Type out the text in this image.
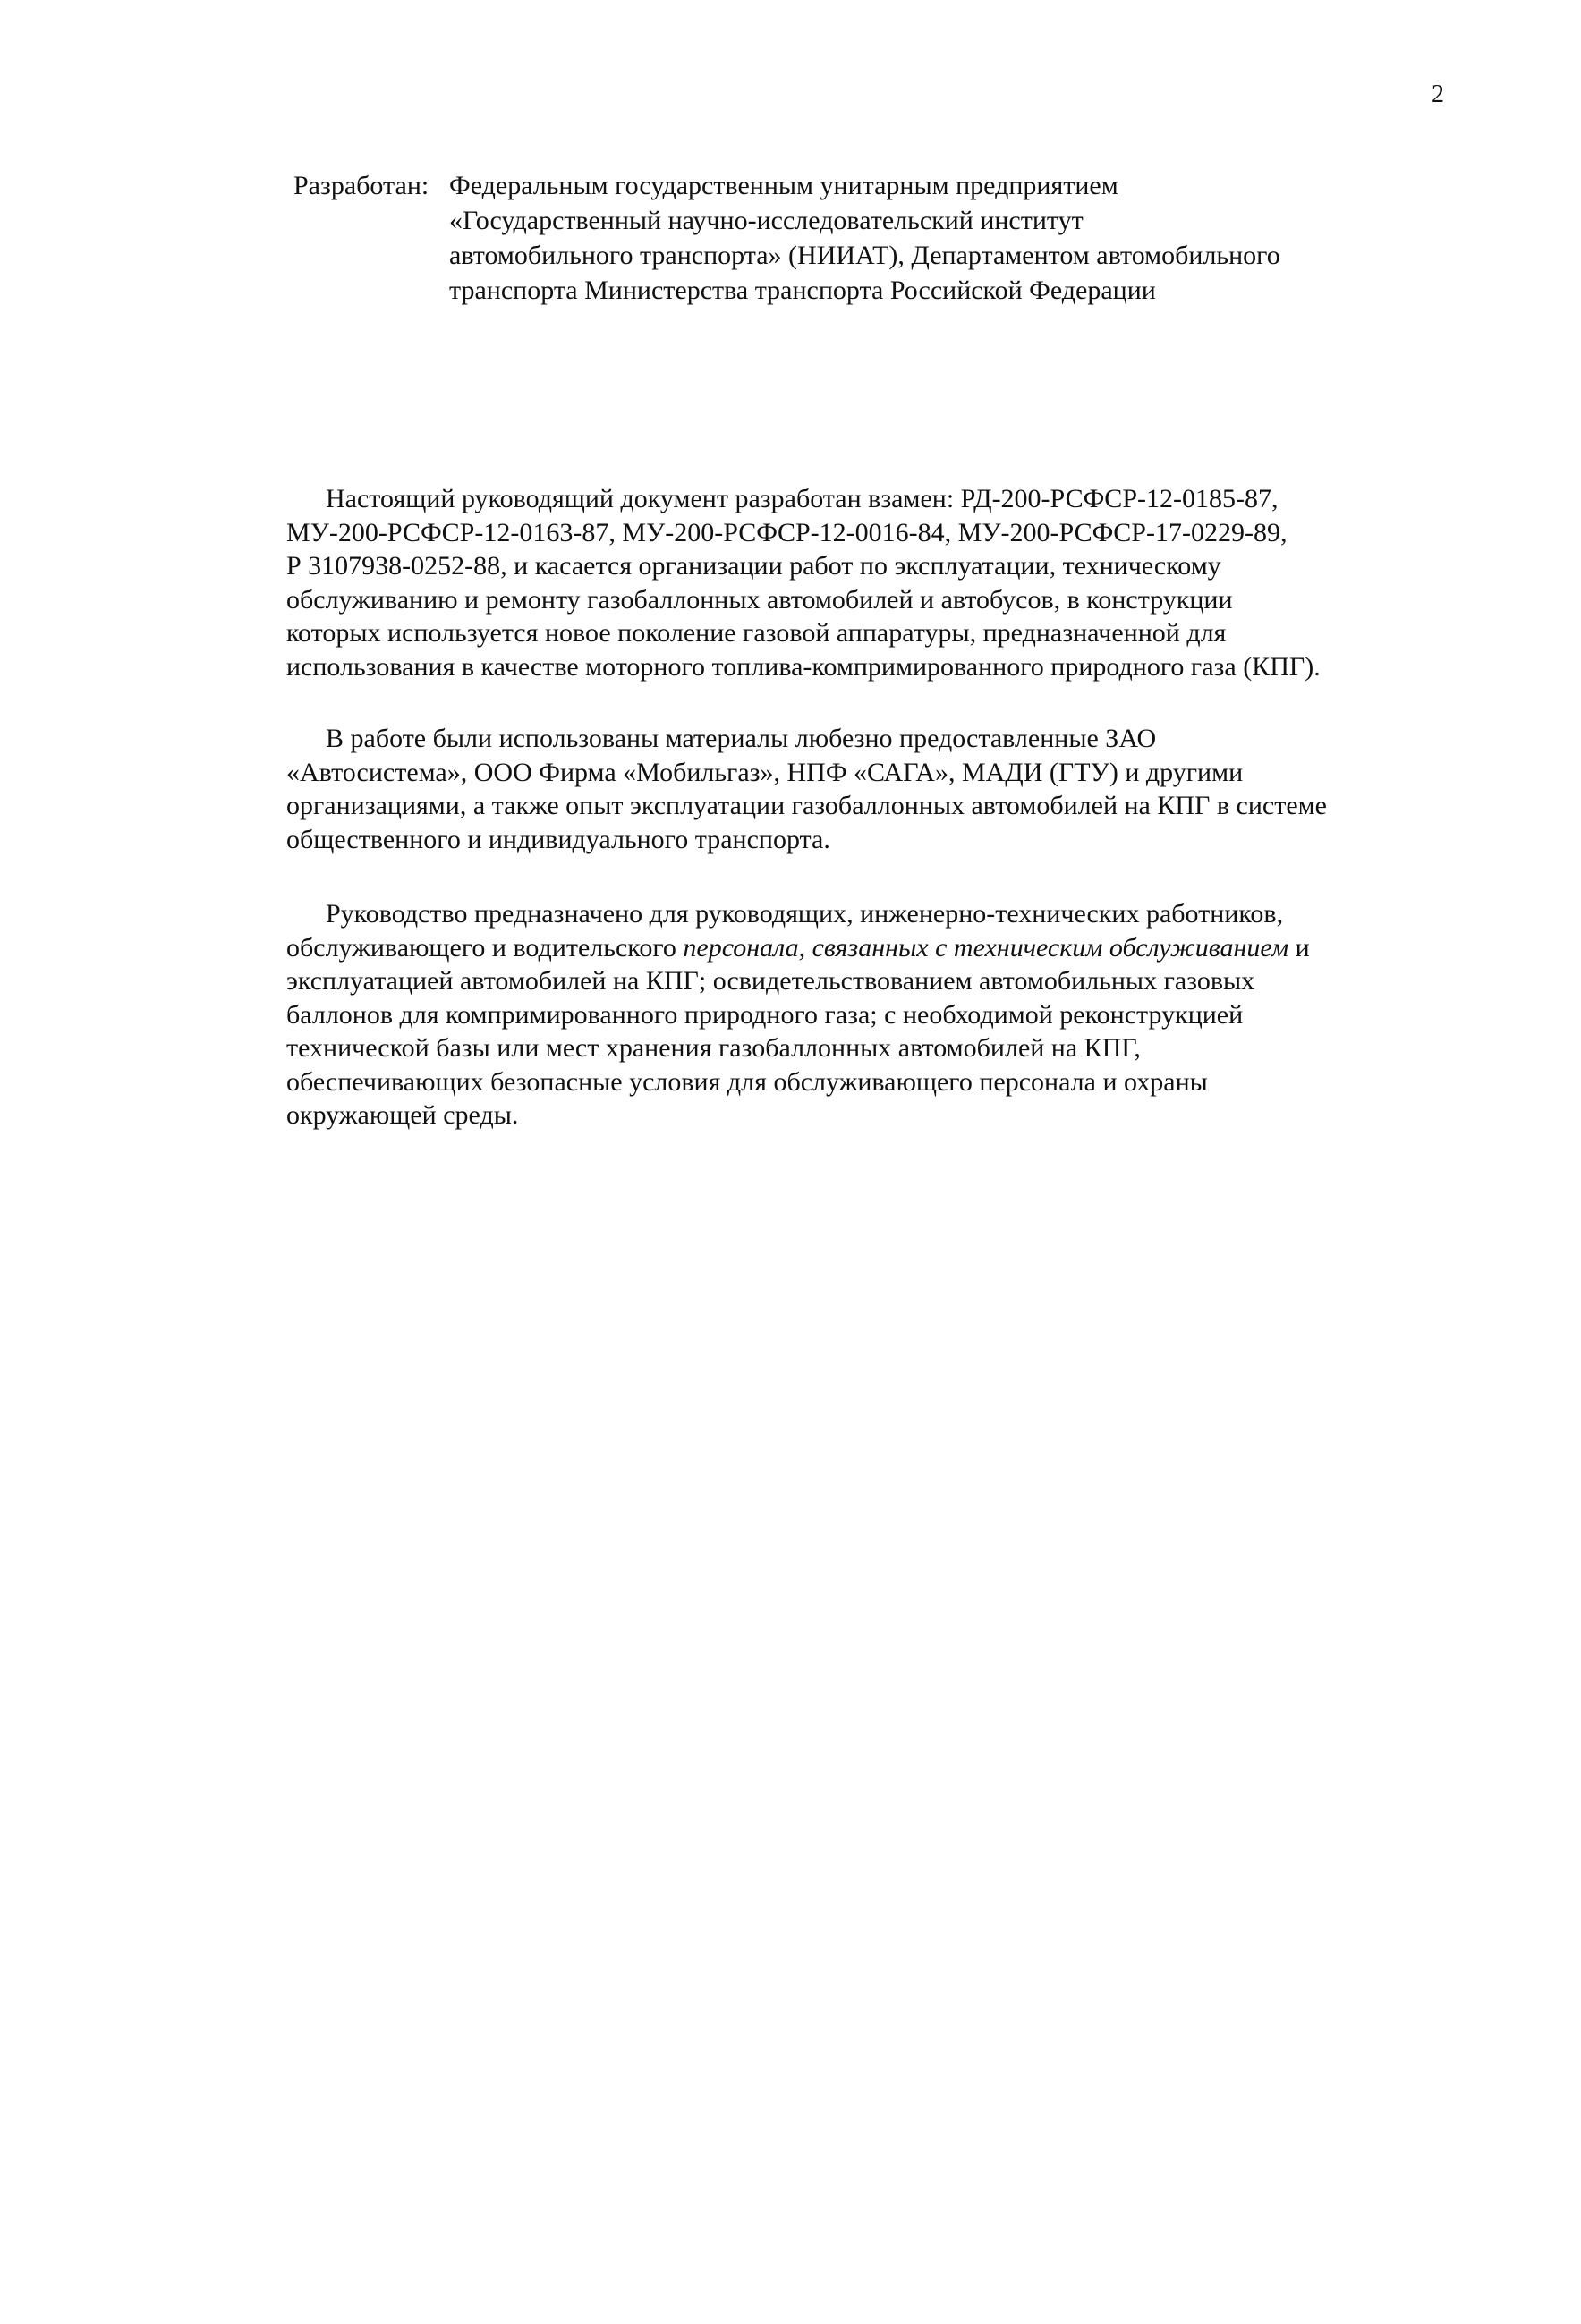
2
Разработан: Федеральным государственным унитарным предприятием
«Государственный научно-исследовательский институт
автомобильного транспорта» (НИИАТ), Департаментом автомобильного
транспорта Министерства транспорта Российской Федерации
Настоящий руководящий документ разработан взамен: РД-200-РСФСР-12-0185-87,
МУ-200-РСФСР-12-0163-87, МУ-200-РСФСР-12-0016-84, МУ-200-РСФСР-17-0229-89,
Р 3107938-0252-88, и касается организации работ по эксплуатации, техническому
обслуживанию и ремонту газобаллонных автомобилей и автобусов, в конструкции
которых используется новое поколение газовой аппаратуры, предназначенной для
использования в качестве моторного топлива-компримированного природного газа (КПГ).
В работе были использованы материалы любезно предоставленные ЗАО
«Автосистема», ООО Фирма «Мобильгаз», НПФ «САГА», МАДИ (ГТУ) и другими
организациями, а также опыт эксплуатации газобаллонных автомобилей на КПГ в системе
общественного и индивидуального транспорта.
Руководство предназначено для руководящих, инженерно-технических работников,
обслуживающего и водительского персонала, связанных с техническим обслуживанием и
эксплуатацией автомобилей на КПГ; освидетельствованием автомобильных газовых
баллонов для компримированного природного газа; с необходимой реконструкцией
технической базы или мест хранения газобаллонных автомобилей на КПГ,
обеспечивающих безопасные условия для обслуживающего персонала и охраны
окружающей среды.
